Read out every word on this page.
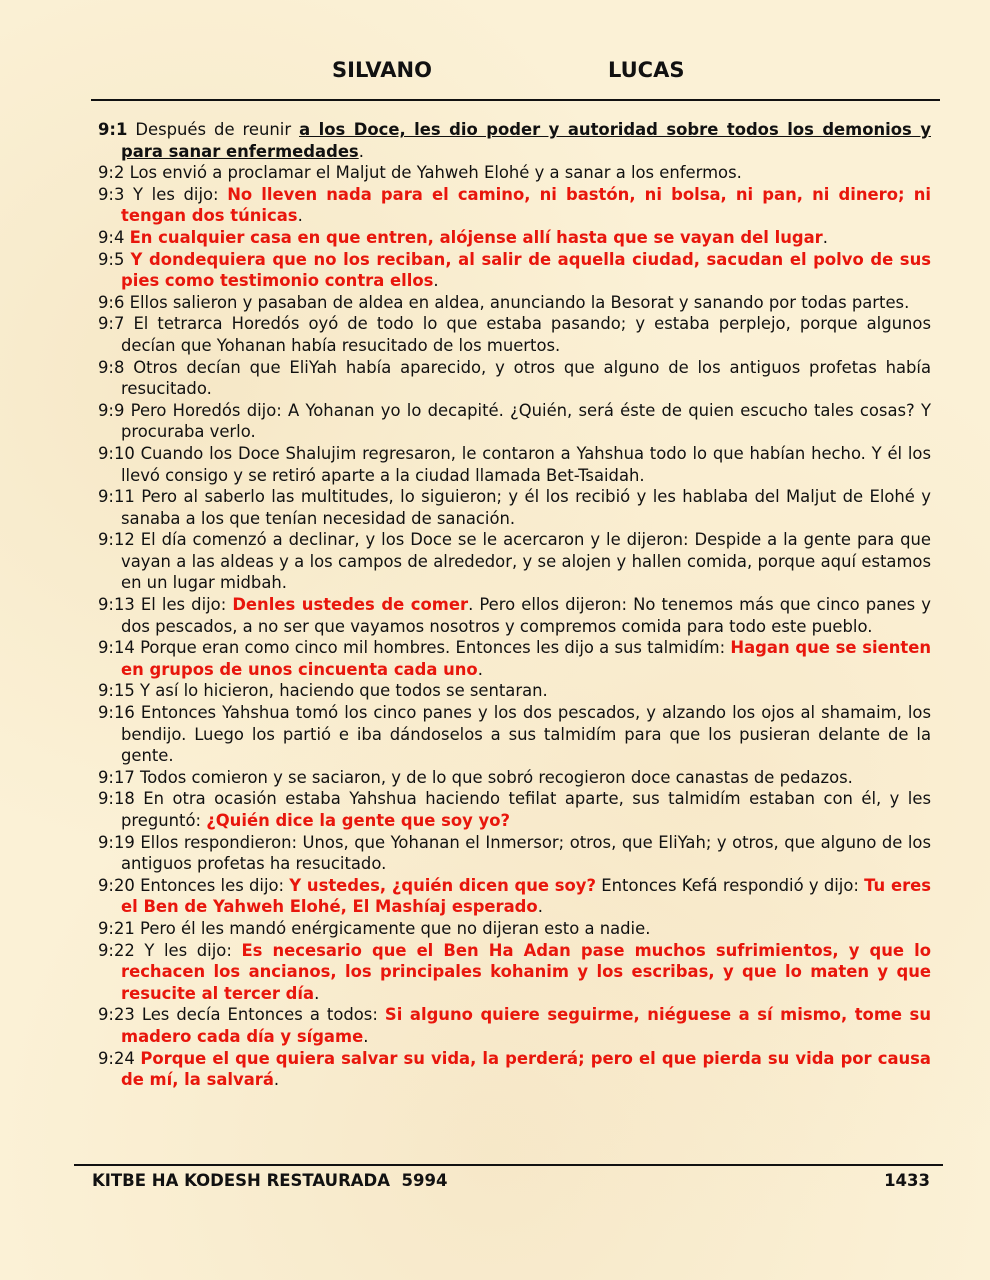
SILVANO	LUCAS

9:1 Después de reunir a los Doce, les dio poder y autoridad sobre todos los demonios y para sanar enfermedades.

9:2 Los envió a proclamar el Maljut de Yahweh Elohé y a sanar a los enfermos.

9:3 Y les dijo: No lleven nada para el camino, ni bastón, ni bolsa, ni pan, ni dinero; ni tengan dos túnicas.

9:4 En cualquier casa en que entren, alójense allí hasta que se vayan del lugar.

9:5 Y dondequiera que no los reciban, al salir de aquella ciudad, sacudan el polvo de sus pies como testimonio contra ellos.

9:6 Ellos salieron y pasaban de aldea en aldea, anunciando la Besorat y sanando por todas partes.

9:7 El tetrarca Horedós oyó de todo lo que estaba pasando; y estaba perplejo, porque algunos decían que Yohanan había resucitado de los muertos.

9:8 Otros decían que EliYah había aparecido, y otros que alguno de los antiguos profetas había resucitado.

9:9 Pero Horedós dijo: A Yohanan yo lo decapité. ¿Quién, será éste de quien escucho tales cosas? Y procuraba verlo.

9:10 Cuando los Doce Shalujim regresaron, le contaron a Yahshua todo lo que habían hecho. Y él los llevó consigo y se retiró aparte a la ciudad llamada Bet-Tsaidah.

9:11 Pero al saberlo las multitudes, lo siguieron; y él los recibió y les hablaba del Maljut de Elohé y sanaba a los que tenían necesidad de sanación.

9:12 El día comenzó a declinar, y los Doce se le acercaron y le dijeron: Despide a la gente para que vayan a las aldeas y a los campos de alrededor, y se alojen y hallen comida, porque aquí estamos en un lugar midbah.

9:13 El les dijo: Denles ustedes de comer. Pero ellos dijeron: No tenemos más que cinco panes y dos pescados, a no ser que vayamos nosotros y compremos comida para todo este pueblo.

9:14 Porque eran como cinco mil hombres. Entonces les dijo a sus talmidím: Hagan que se sienten en grupos de unos cincuenta cada uno.

9:15 Y así lo hicieron, haciendo que todos se sentaran.

9:16 Entonces Yahshua tomó los cinco panes y los dos pescados, y alzando los ojos al shamaim, los bendijo. Luego los partió e iba dándoselos a sus talmidím para que los pusieran delante de la gente.

9:17 Todos comieron y se saciaron, y de lo que sobró recogieron doce canastas de pedazos.

9:18 En otra ocasión estaba Yahshua haciendo tefilat aparte, sus talmidím estaban con él, y les preguntó: ¿Quién dice la gente que soy yo?

9:19 Ellos respondieron: Unos, que Yohanan el Inmersor; otros, que EliYah; y otros, que alguno de los antiguos profetas ha resucitado.

9:20 Entonces les dijo: Y ustedes, ¿quién dicen que soy? Entonces Kefá respondió y dijo: Tu eres el Ben de Yahweh Elohé, El Mashíaj esperado.

9:21 Pero él les mandó enérgicamente que no dijeran esto a nadie.

9:22 Y les dijo: Es necesario que el Ben Ha Adan pase muchos sufrimientos, y que lo rechacen los ancianos, los principales kohanim y los escribas, y que lo maten y que resucite al tercer día.

9:23 Les decía Entonces a todos: Si alguno quiere seguirme, niéguese a sí mismo, tome su madero cada día y sígame.

9:24 Porque el que quiera salvar su vida, la perderá; pero el que pierda su vida por causa de mí, la salvará.

KITBE HA KODESH RESTAURADA  5994	1433
